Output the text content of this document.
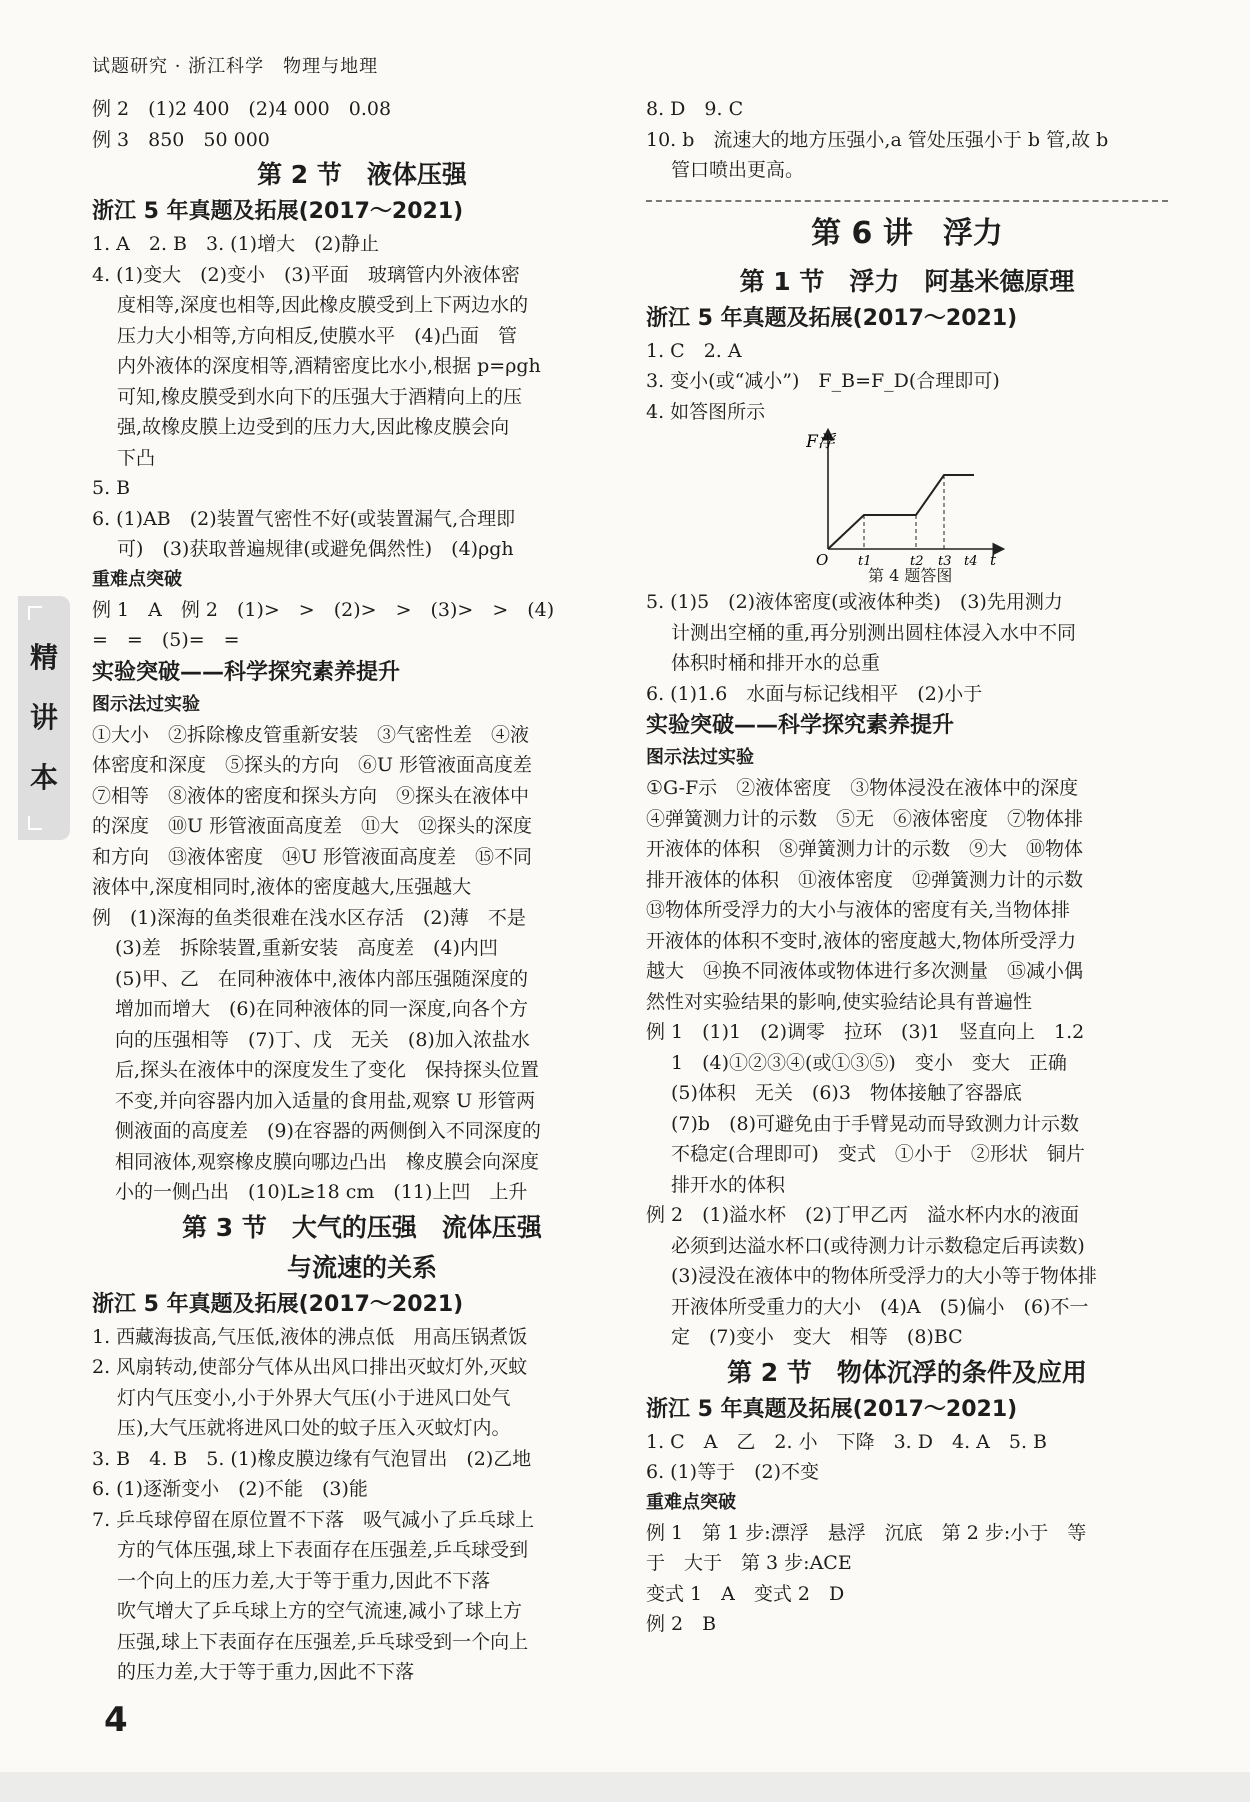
试题研究 · 浙江科学　物理与地理
例 2　(1)2 400　(2)4 000　0.08
例 3　850　50 000
第 2 节　液体压强
浙江 5 年真题及拓展(2017～2021)
1. A　2. B　3. (1)增大　(2)静止
4. (1)变大　(2)变小　(3)平面　玻璃管内外液体密
度相等,深度也相等,因此橡皮膜受到上下两边水的
压力大小相等,方向相反,使膜水平　(4)凸面　管
内外液体的深度相等,酒精密度比水小,根据 p=ρgh
可知,橡皮膜受到水向下的压强大于酒精向上的压
强,故橡皮膜上边受到的压力大,因此橡皮膜会向
下凸
5. B
6. (1)AB　(2)装置气密性不好(或装置漏气,合理即
可)　(3)获取普遍规律(或避免偶然性)　(4)ρgh
重难点突破
例 1　A　例 2　(1)>　>　(2)>　>　(3)>　>　(4)
=　=　(5)=　=
实验突破——科学探究素养提升
图示法过实验
①大小　②拆除橡皮管重新安装　③气密性差　④液
体密度和深度　⑤探头的方向　⑥U 形管液面高度差
⑦相等　⑧液体的密度和探头方向　⑨探头在液体中
的深度　⑩U 形管液面高度差　⑪大　⑫探头的深度
和方向　⑬液体密度　⑭U 形管液面高度差　⑮不同
液体中,深度相同时,液体的密度越大,压强越大
例　(1)深海的鱼类很难在浅水区存活　(2)薄　不是
(3)差　拆除装置,重新安装　高度差　(4)内凹
(5)甲、乙　在同种液体中,液体内部压强随深度的
增加而增大　(6)在同种液体的同一深度,向各个方
向的压强相等　(7)丁、戊　无关　(8)加入浓盐水
后,探头在液体中的深度发生了变化　保持探头位置
不变,并向容器内加入适量的食用盐,观察 U 形管两
侧液面的高度差　(9)在容器的两侧倒入不同深度的
相同液体,观察橡皮膜向哪边凸出　橡皮膜会向深度
小的一侧凸出　(10)L≥18 cm　(11)上凹　上升
第 3 节　大气的压强　流体压强
与流速的关系
浙江 5 年真题及拓展(2017～2021)
1. 西藏海拔高,气压低,液体的沸点低　用高压锅煮饭
2. 风扇转动,使部分气体从出风口排出灭蚊灯外,灭蚊
灯内气压变小,小于外界大气压(小于进风口处气
压),大气压就将进风口处的蚊子压入灭蚊灯内。
3. B　4. B　5. (1)橡皮膜边缘有气泡冒出　(2)乙地
6. (1)逐渐变小　(2)不能　(3)能
7. 乒乓球停留在原位置不下落　吸气减小了乒乓球上
方的气体压强,球上下表面存在压强差,乒乓球受到
一个向上的压力差,大于等于重力,因此不下落
吹气增大了乒乓球上方的空气流速,减小了球上方
压强,球上下表面存在压强差,乒乓球受到一个向上
的压力差,大于等于重力,因此不下落
8. D　9. C
10. b　流速大的地方压强小,a 管处压强小于 b 管,故 b
管口喷出更高。
第 6 讲　浮力
第 1 节　浮力　阿基米德原理
浙江 5 年真题及拓展(2017～2021)
1. C　2. A
3. 变小(或“减小”)　F_B=F_D(合理即可)
4. 如答图所示
F浮
O t1	t2 t3 t4 t
第 4 题答图
5. (1)5　(2)液体密度(或液体种类)　(3)先用测力
计测出空桶的重,再分别测出圆柱体浸入水中不同
体积时桶和排开水的总重
6. (1)1.6　水面与标记线相平　(2)小于
实验突破——科学探究素养提升
图示法过实验
①G-F示　②液体密度　③物体浸没在液体中的深度
④弹簧测力计的示数　⑤无　⑥液体密度　⑦物体排
开液体的体积　⑧弹簧测力计的示数　⑨大　⑩物体
排开液体的体积　⑪液体密度　⑫弹簧测力计的示数
⑬物体所受浮力的大小与液体的密度有关,当物体排
开液体的体积不变时,液体的密度越大,物体所受浮力
越大　⑭换不同液体或物体进行多次测量　⑮减小偶
然性对实验结果的影响,使实验结论具有普遍性
例 1　(1)1　(2)调零　拉环　(3)1　竖直向上　1.2
1　(4)①②③④(或①③⑤)　变小　变大　正确
(5)体积　无关　(6)3　物体接触了容器底
(7)b　(8)可避免由于手臂晃动而导致测力计示数
不稳定(合理即可)　变式　①小于　②形状　铜片
排开水的体积
例 2　(1)溢水杯　(2)丁甲乙丙　溢水杯内水的液面
必须到达溢水杯口(或待测力计示数稳定后再读数)
(3)浸没在液体中的物体所受浮力的大小等于物体排
开液体所受重力的大小　(4)A　(5)偏小　(6)不一
定　(7)变小　变大　相等　(8)BC
第 2 节　物体沉浮的条件及应用
浙江 5 年真题及拓展(2017～2021)
1. C　A　乙　2. 小　下降　3. D　4. A　5. B
6. (1)等于　(2)不变
重难点突破
例 1　第 1 步:漂浮　悬浮　沉底　第 2 步:小于　等
于　大于　第 3 步:ACE
变式 1　A　变式 2　D
例 2　B
精
讲
本
4
